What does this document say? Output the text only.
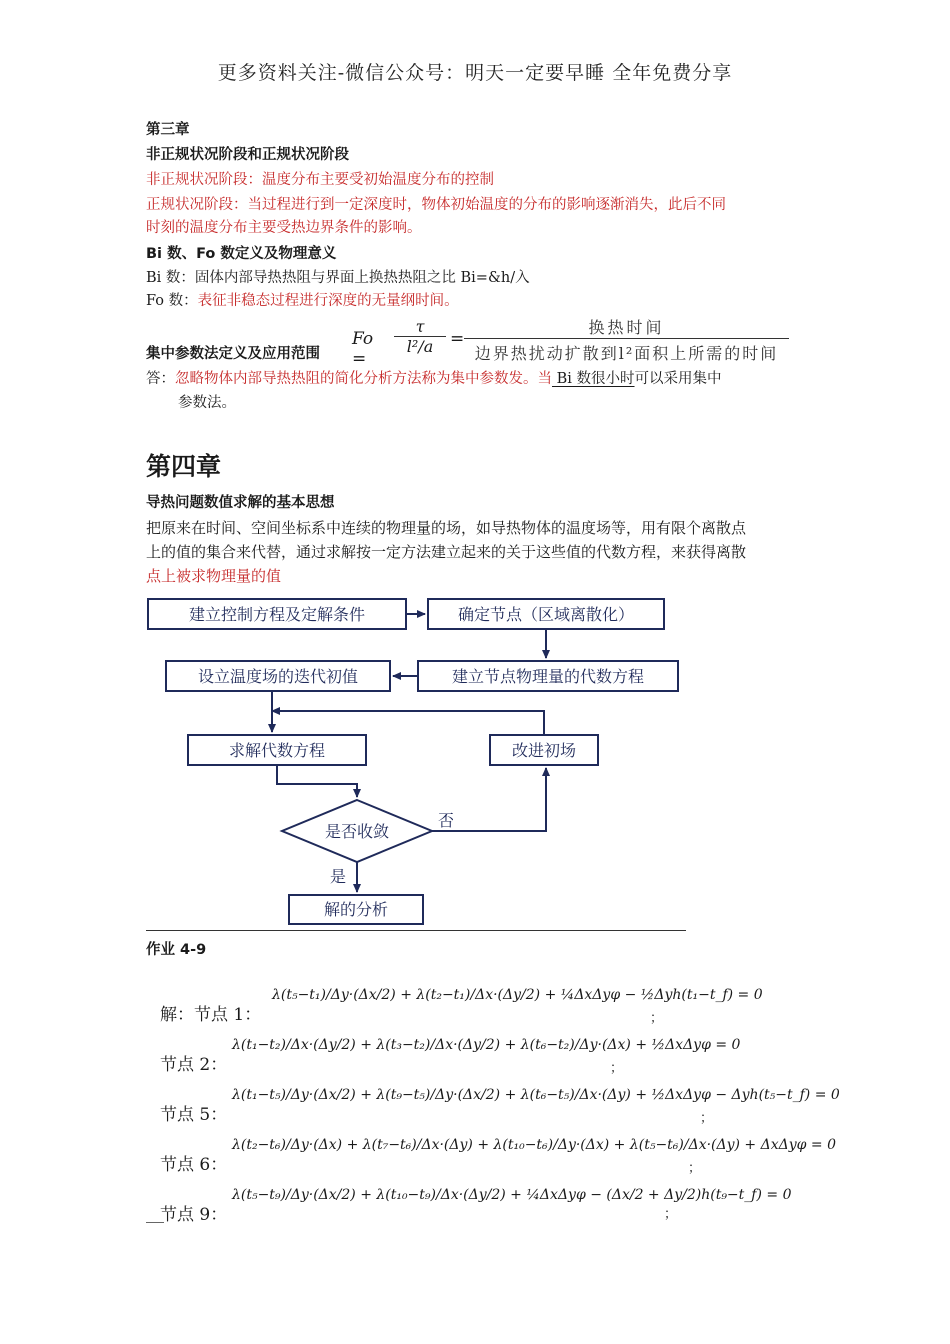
更多资料关注-微信公众号：明天一定要早睡 全年免费分享
第三章
非正规状况阶段和正规状况阶段
非正规状况阶段：温度分布主要受初始温度分布的控制
正规状况阶段：当过程进行到一定深度时，物体初始温度的分布的影响逐渐消失，此后不同
时刻的温度分布主要受热边界条件的影响。
Bi 数、Fo 数定义及物理意义
Bi 数：固体内部导热热阻与界面上换热热阻之比 Bi=&h/入
Fo 数：表征非稳态过程进行深度的无量纲时间。
集中参数法定义及应用范围
Fo =
$\frac{\tau}{\text{l²/a}}$ =
换热时间
边界热扰动扩散到l²面积上所需的时间
答：忽略物体内部导热热阻的简化分析方法称为集中参数发。当 Bi 数很小时可以采用集中
参数法。
第四章
导热问题数值求解的基本思想
把原来在时间、空间坐标系中连续的物理量的场，如导热物体的温度场等，用有限个离散点
上的值的集合来代替，通过求解按一定方法建立起来的关于这些值的代数方程，来获得离散
点上被求物理量的值
建立控制方程及定解条件	确定节点（区域离散化）
设立温度场的迭代初值	建立节点物理量的代数方程
求解代数方程	改进初场
是否收敛
否
是
解的分析
作业 4-9
解：节点 1：
λ(t₅−t₁)/Δy·(Δx/2) + λ(t₂−t₁)/Δx·(Δy/2) + ¼ΔxΔyφ − ½Δyh(t₁−t_f) = 0
；
节点 2：
λ(t₁−t₂)/Δx·(Δy/2) + λ(t₃−t₂)/Δx·(Δy/2) + λ(t₆−t₂)/Δy·(Δx) + ½ΔxΔyφ = 0
；
节点 5：
λ(t₁−t₅)/Δy·(Δx/2) + λ(t₉−t₅)/Δy·(Δx/2) + λ(t₆−t₅)/Δx·(Δy) + ½ΔxΔyφ − Δyh(t₅−t_f) = 0
；
节点 6：
λ(t₂−t₆)/Δy·(Δx) + λ(t₇−t₆)/Δx·(Δy) + λ(t₁₀−t₆)/Δy·(Δx) + λ(t₅−t₆)/Δx·(Δy) + ΔxΔyφ = 0
；
节点 9：
λ(t₅−t₉)/Δy·(Δx/2) + λ(t₁₀−t₉)/Δx·(Δy/2) + ¼ΔxΔyφ − (Δx/2 + Δy/2)h(t₉−t_f) = 0
；
